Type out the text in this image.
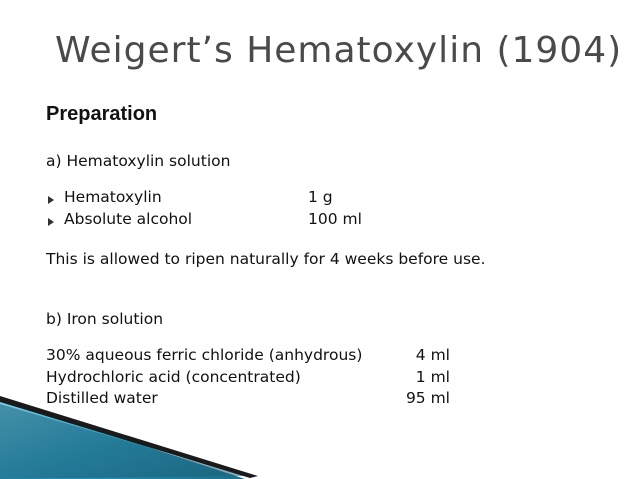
Weigert’s Hematoxylin (1904)
Preparation
a) Hematoxylin solution
Hematoxylin	1 g
Absolute alcohol	100 ml
This is allowed to ripen naturally for 4 weeks before use.
b) Iron solution
30% aqueous ferric chloride (anhydrous)	4 ml
Hydrochloric acid (concentrated)	1 ml
Distilled water	95 ml
